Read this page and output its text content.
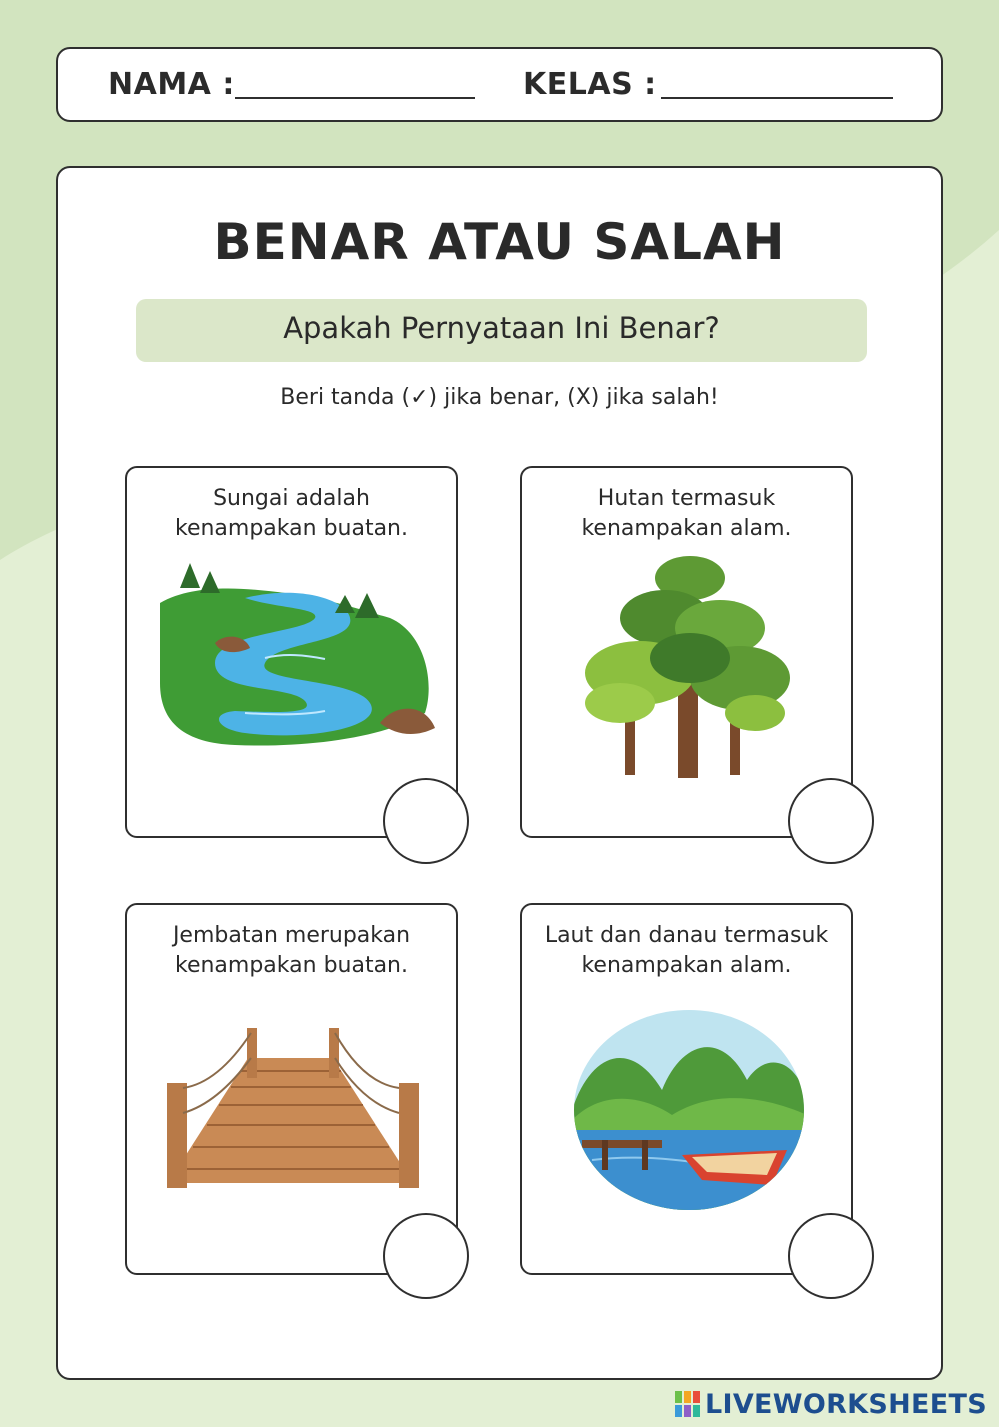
NAMA :	KELAS :
BENAR ATAU SALAH
Apakah Pernyataan Ini Benar?
Beri tanda (✓) jika benar, (X) jika salah!
Sungai adalah
kenampakan buatan.
Hutan termasuk
kenampakan alam.
Jembatan merupakan
kenampakan buatan.
Laut dan danau termasuk
kenampakan alam.
LIVEWORKSHEETS
